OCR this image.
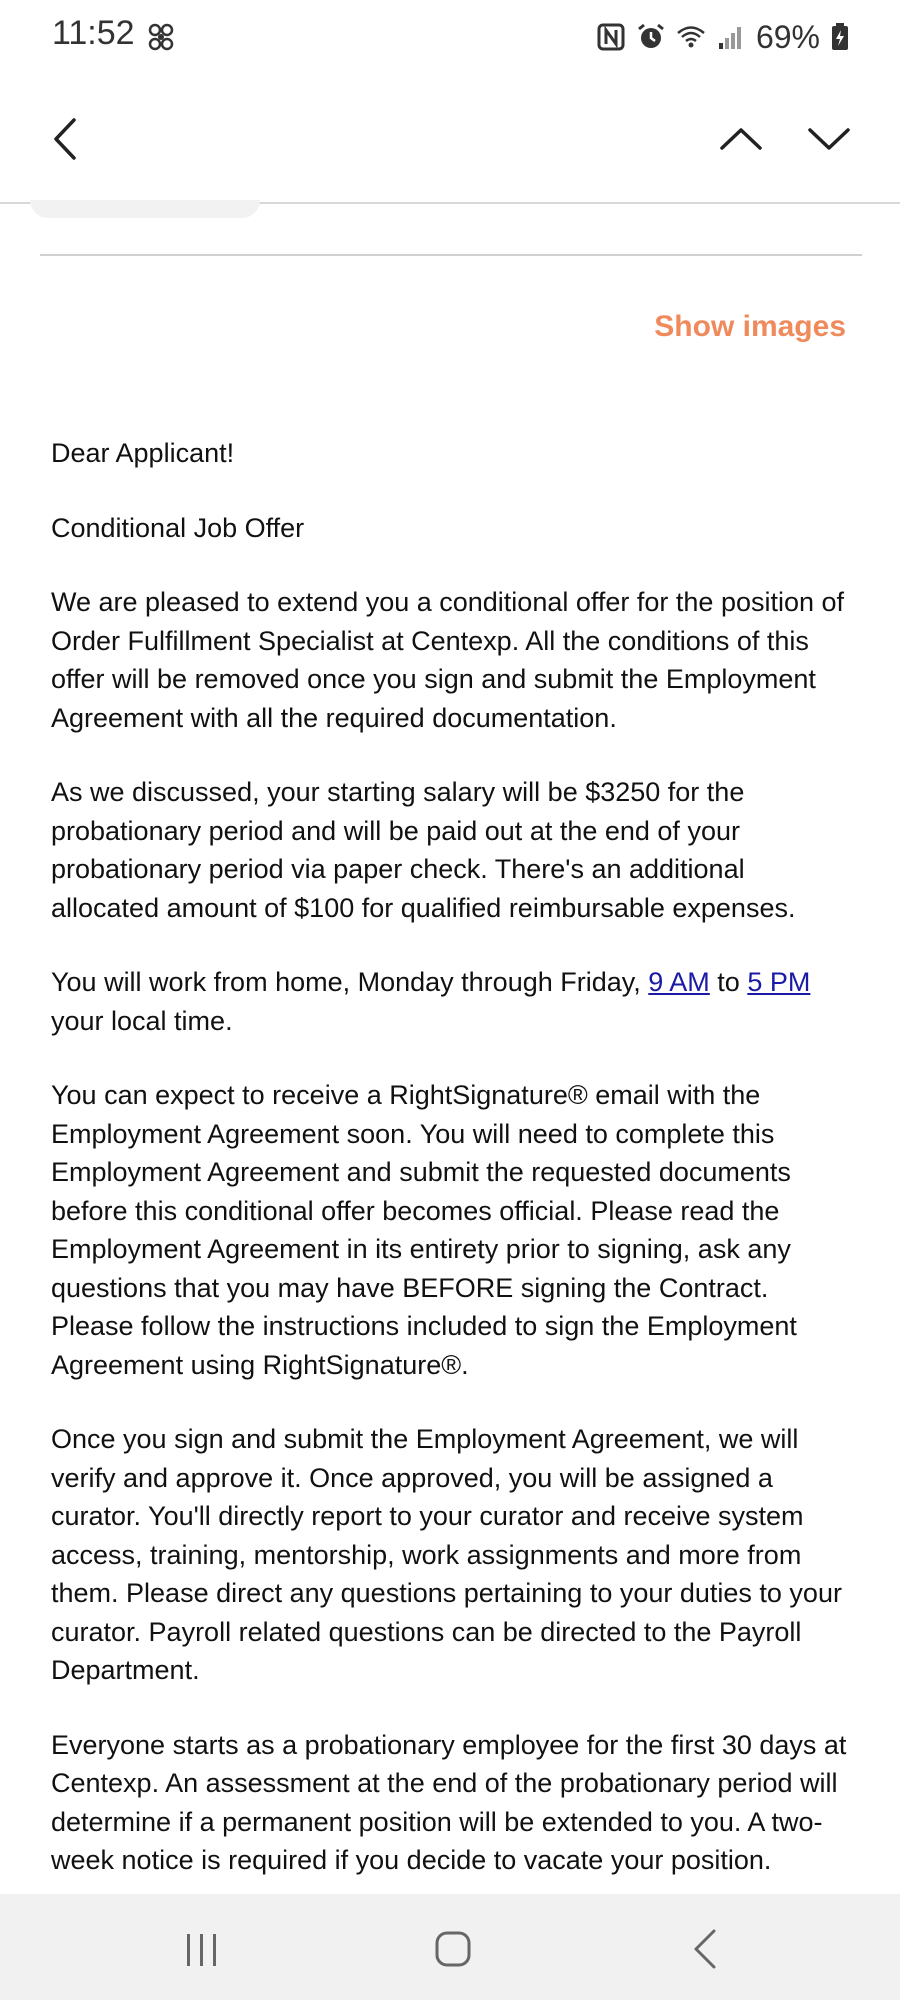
11:52	69%
Show images

Dear Applicant!

Conditional Job Offer

We are pleased to extend you a conditional offer for the position of Order Fulfillment Specialist at Centexp. All the conditions of this offer will be removed once you sign and submit the Employment Agreement with all the required documentation.

As we discussed, your starting salary will be $3250 for the probationary period and will be paid out at the end of your probationary period via paper check. There's an additional allocated amount of $100 for qualified reimbursable expenses.

You will work from home, Monday through Friday, 9 AM to 5 PM your local time.

You can expect to receive a RightSignature® email with the Employment Agreement soon. You will need to complete this Employment Agreement and submit the requested documents before this conditional offer becomes official. Please read the Employment Agreement in its entirety prior to signing, ask any questions that you may have BEFORE signing the Contract. Please follow the instructions included to sign the Employment Agreement using RightSignature®.

Once you sign and submit the Employment Agreement, we will verify and approve it. Once approved, you will be assigned a curator. You'll directly report to your curator and receive system access, training, mentorship, work assignments and more from them. Please direct any questions pertaining to your duties to your curator. Payroll related questions can be directed to the Payroll Department.

Everyone starts as a probationary employee for the first 30 days at Centexp. An assessment at the end of the probationary period will determine if a permanent position will be extended to you. A two-week notice is required if you decide to vacate your position.
